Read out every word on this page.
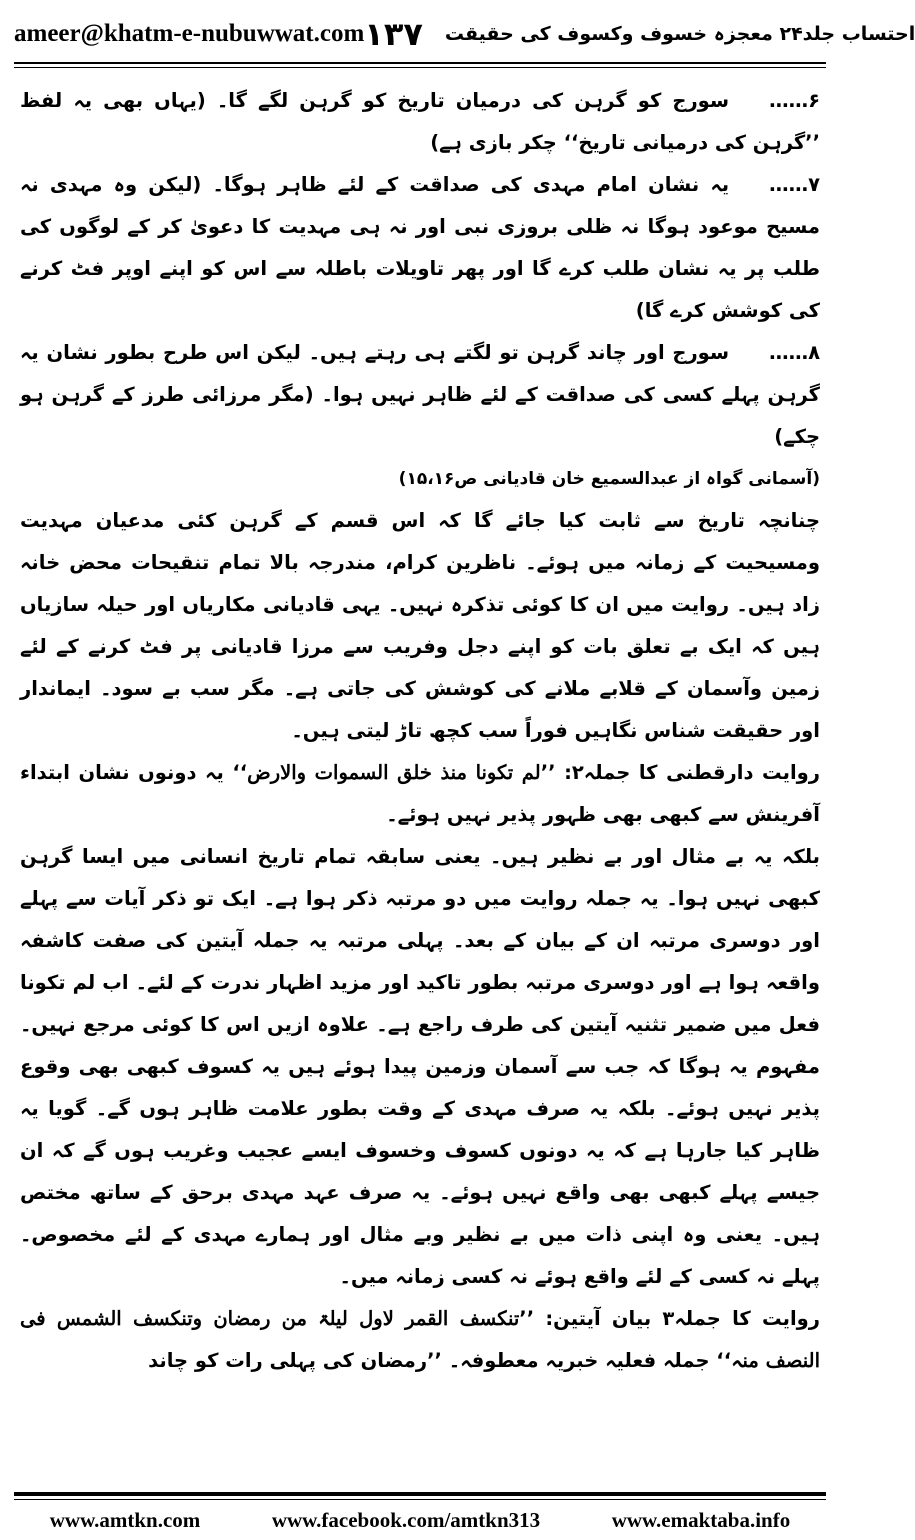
ameer@khatm-e-nubuwwat.com	احتساب جلد۲۴ معجزہ خسوف وکسوف کی حقیقت
۱۳۷

۶……سورج کو گرہن کی درمیان تاریخ کو گرہن لگے گا۔ (یہاں بھی یہ لفظ ’’گرہن کی درمیانی تاریخ‘‘ چکر بازی ہے)

۷……یہ نشان امام مہدی کی صداقت کے لئے ظاہر ہوگا۔ (لیکن وہ مہدی نہ مسیح موعود ہوگا نہ ظلی بروزی نبی اور نہ ہی مہدیت کا دعویٰ کر کے لوگوں کی طلب پر یہ نشان طلب کرے گا اور پھر تاویلات باطلہ سے اس کو اپنے اوپر فٹ کرنے کی کوشش کرے گا)

۸……سورج اور چاند گرہن تو لگتے ہی رہتے ہیں۔ لیکن اس طرح بطور نشان یہ گرہن پہلے کسی کی صداقت کے لئے ظاہر نہیں ہوا۔ (مگر مرزائی طرز کے گرہن ہو چکے)

(آسمانی گواہ از عبدالسمیع خان قادیانی ص۱۵،۱۶)

چنانچہ تاریخ سے ثابت کیا جائے گا کہ اس قسم کے گرہن کئی مدعیان مہدیت ومسیحیت کے زمانہ میں ہوئے۔ ناظرین کرام، مندرجہ بالا تمام تنقیحات محض خانہ زاد ہیں۔ روایت میں ان کا کوئی تذکرہ نہیں۔ یہی قادیانی مکاریاں اور حیلہ سازیاں ہیں کہ ایک بے تعلق بات کو اپنے دجل وفریب سے مرزا قادیانی پر فٹ کرنے کے لئے زمین وآسمان کے قلابے ملانے کی کوشش کی جاتی ہے۔ مگر سب بے سود۔ ایماندار اور حقیقت شناس نگاہیں فوراً سب کچھ تاڑ لیتی ہیں۔

روایت دارقطنی کا جملہ۲: ’’لم تکونا منذ خلق السموات والارض‘‘ یہ دونوں نشان ابتداء آفرینش سے کبھی بھی ظہور پذیر نہیں ہوئے۔

بلکہ یہ بے مثال اور بے نظیر ہیں۔ یعنی سابقہ تمام تاریخ انسانی میں ایسا گرہن کبھی نہیں ہوا۔ یہ جملہ روایت میں دو مرتبہ ذکر ہوا ہے۔ ایک تو ذکر آیات سے پہلے اور دوسری مرتبہ ان کے بیان کے بعد۔ پہلی مرتبہ یہ جملہ آیتین کی صفت کاشفہ واقعہ ہوا ہے اور دوسری مرتبہ بطور تاکید اور مزید اظہار ندرت کے لئے۔ اب لم تکونا فعل میں ضمیر تثنیہ آیتین کی طرف راجع ہے۔ علاوہ ازیں اس کا کوئی مرجع نہیں۔ مفہوم یہ ہوگا کہ جب سے آسمان وزمین پیدا ہوئے ہیں یہ کسوف کبھی بھی وقوع پذیر نہیں ہوئے۔ بلکہ یہ صرف مہدی کے وقت بطور علامت ظاہر ہوں گے۔ گویا یہ ظاہر کیا جارہا ہے کہ یہ دونوں کسوف وخسوف ایسے عجیب وغریب ہوں گے کہ ان جیسے پہلے کبھی بھی واقع نہیں ہوئے۔ یہ صرف عہد مہدی برحق کے ساتھ مختص ہیں۔ یعنی وہ اپنی ذات میں بے نظیر وبے مثال اور ہمارے مہدی کے لئے مخصوص۔ پہلے نہ کسی کے لئے واقع ہوئے نہ کسی زمانہ میں۔

روایت کا جملہ۳ بیان آیتین: ’’تنکسف القمر لاول لیلۃ من رمضان وتنکسف الشمس فی النصف منہ‘‘ جملہ فعلیہ خبریہ معطوفہ۔ ’’رمضان کی پہلی رات کو چاند

www.amtkn.com	www.facebook.com/amtkn313	www.emaktaba.info
